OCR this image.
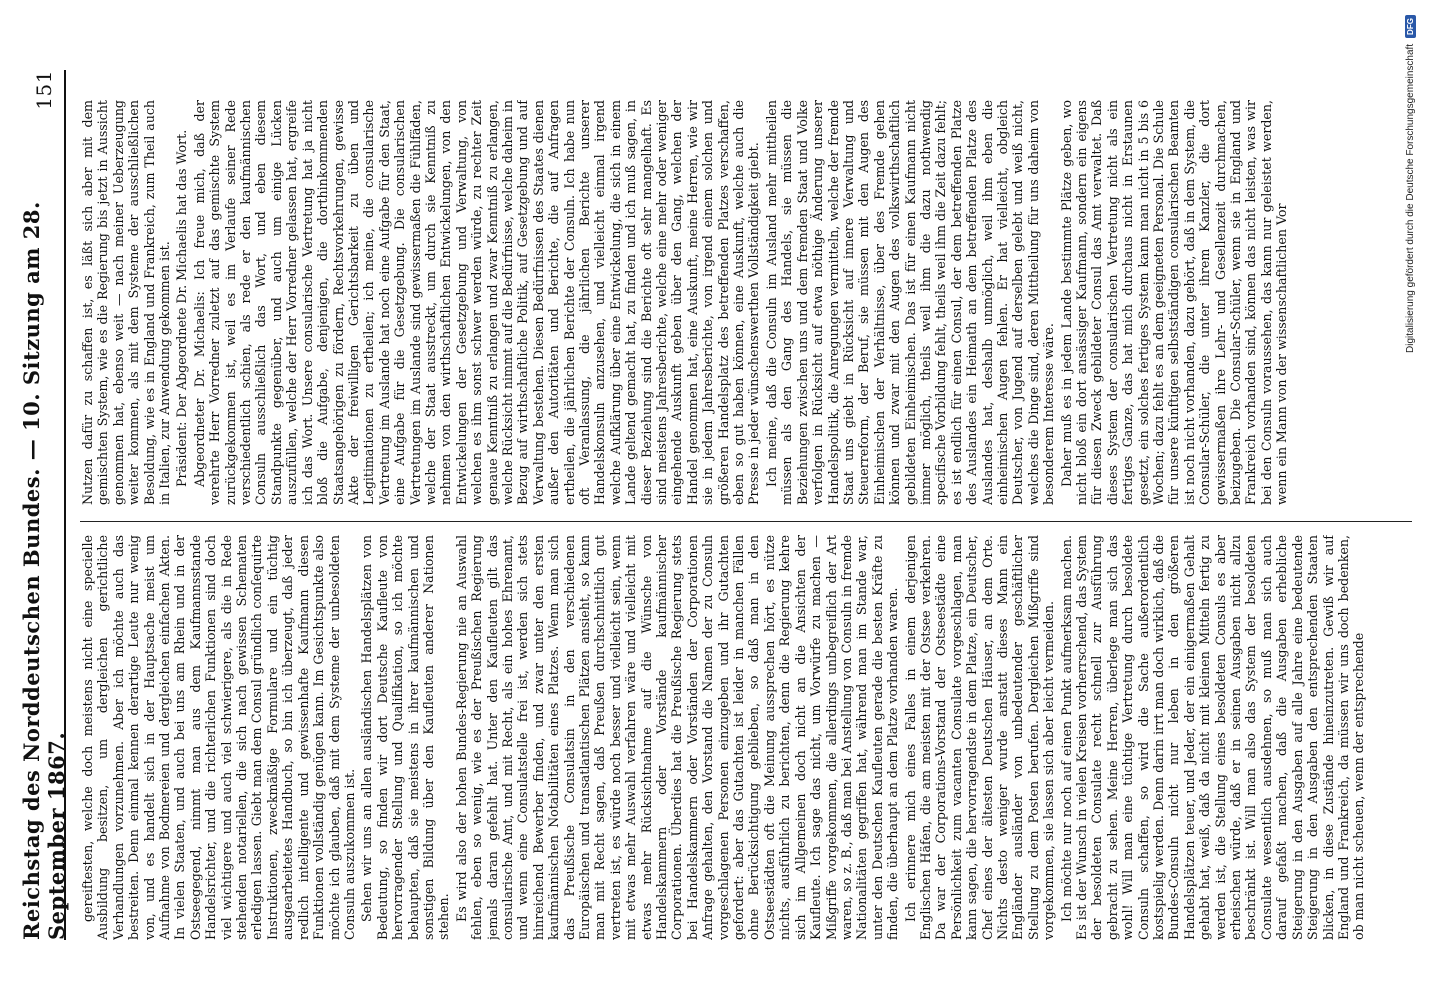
Reichstag des Norddeutschen Bundes. — 10. Sitzung am 28. September 1867.
151

gereiftesten, welche doch meistens nicht eine specielle Ausbildung besitzen, um dergleichen gerichtliche Verhandlungen vorzunehmen. Aber ich möchte auch das bestreiten. Denn einmal kennen derartige Leute nur wenig von, und es handelt sich in der Hauptsache meist um Aufnahme von Bodmereien und dergleichen einfachen Akten. In vielen Staaten, und auch bei uns am Rhein und in der Ostseegegend, nimmt man aus dem Kaufmannsstande Handelsrichter, und die richterlichen Funktionen sind doch viel wichtigere und auch viel schwierigere, als die in Rede stehenden notariellen, die sich nach gewissen Schematen erledigen lassen. Giebt man dem Consul gründlich conſequirte Instruktionen, zweckmäßige Formulare und ein tüchtig ausgearbeitetes Handbuch, so bin ich überzeugt, daß jeder redlich intelligente und gewissenhafte Kaufmann diesen Funktionen vollständig genügen kann. Im Gesichtspunkte also möchte ich glauben, daß mit dem Systeme der unbesoldeten Consuln auszukommen ist. Sehen wir uns an allen ausländischen Handelsplätzen von Bedeutung, so finden wir dort Deutsche Kaufleute von hervorragender Stellung und Qualifikation, so ich möchte behaupten, daß sie meistens in ihrer kaufmännischen und sonstigen Bildung über den Kaufleuten anderer Nationen stehen. Es wird also der hohen Bundes-Regierung nie an Auswahl fehlen, eben so wenig, wie es der Preußischen Regierung jemals daran gefehlt hat. Unter den Kaufleuten gilt das consularische Amt, und mit Recht, als ein hohes Ehrenamt, und wenn eine Consulatstelle frei ist, werden sich stets hinreichend Bewerber finden, und zwar unter den ersten kaufmännischen Notabilitäten eines Platzes. Wenn man sich das Preußische Consulatsin in den verschiedenen Europäischen und transatlantischen Plätzen ansieht, so kann man mit Recht sagen, daß Preußen durchschnittlich gut vertreten ist, es würde noch besser und vielleicht sein, wenn mit etwas mehr Auswahl verfahren wäre und vielleicht mit etwas mehr Rücksichtnahme auf die Wünsche von Handelskammern oder Vorstände kaufmännischer Corporationen. Überdies hat die Preußische Regierung stets bei Handelskammern oder Vorständen der Corporationen Anfrage gehalten, den Vorstand die Namen der zu Consuln vorgeschlagenen Personen einzugeben und ihr Gutachten gefordert: aber das Gutachten ist leider in manchen Fällen ohne Berücksichtigung geblieben, so daß man in den Ostseestädten oft die Meinung aussprechen hört, es nütze nichts, ausführlich zu berichten, denn die Regierung kehre sich im Allgemeinen doch nicht an die Ansichten der Kaufleute. Ich sage das nicht, um Vorwürfe zu machen — Mißgriffe vorgekommen, die allerdings unbegreiflich der Art waren, so z. B., daß man bei Anstellung von Consuln in fremde Nationalitäten gegriffen hat, während man im Stande war, unter den Deutschen Kaufleuten gerade die besten Kräfte zu finden, die überhaupt an dem Platze vorhanden waren. Ich erinnere mich eines Falles in einem derjenigen Englischen Häfen, die am meisten mit der Ostsee verkehren. Da war der Corporations-Vorstand der Ostseestädte eine Persönlichkeit zum vacanten Consulate vorgeschlagen, man kann sagen, die hervorragendste in dem Platze, ein Deutscher, Chef eines der ältesten Deutschen Häuser, an dem Orte. Nichts desto weniger wurde anstatt dieses Mann ein Engländer ausländer von unbedeutender geschäftlicher Stellung zu dem Posten berufen. Dergleichen Mißgriffe sind vorgekommen, sie lassen sich aber leicht vermeiden. Ich möchte nur noch auf einen Punkt aufmerksam machen. Es ist der Wunsch in vielen Kreisen vorherrschend, das System der besoldeten Consulate recht schnell zur Ausführung gebracht zu sehen. Meine Herren, überlege man sich das wohl! Will man eine tüchtige Vertretung durch besoldete Consuln schaffen, so wird die Sache außerordentlich kostspielig werden. Denn darin irrt man doch wirklich, daß die Bundes-Consuln nicht nur leben in den größeren Handelsplätzen teuer, und Jeder, der ein einigermaßen Gehalt gehabt hat, weiß, daß da nicht mit kleinen Mitteln fertig zu werden ist, die Stellung eines besoldeten Consuls es aber erheischen würde, daß er in seinen Ausgaben nicht allzu beschränkt ist. Will man also das System der besoldeten Consulate wesentlich ausdehnen, so muß man sich auch darauf gefaßt machen, daß die Ausgaben erhebliche Steigerung in den Ausgaben auf alle Jahre eine bedeutende Steigerung in den Ausgaben den entsprechenden Staaten blicken, in diese Zustände hineinzutreten. Gewiß wir auf England und Frankreich, da müssen wir uns doch bedenken, ob man nicht scheuen, wenn der entsprechende

Nutzen dafür zu schaffen ist, es läßt sich aber mit dem gemischten System, wie es die Regierung bis jetzt in Aussicht genommen hat, ebenso weit — nach meiner Ueberzeugung weiter kommen, als mit dem Systeme der ausschließlichen Besoldung, wie es in England und Frankreich, zum Theil auch in Italien, zur Anwendung gekommen ist. Präsident: Der Abgeordnete Dr. Michaelis hat das Wort. Abgeordneter Dr. Michaelis: Ich freue mich, daß der verehrte Herr Vorredner zuletzt auf das gemischte System zurückgekommen ist, weil es im Verlaufe seiner Rede verschiedentlich schien, als rede er den kaufmännischen Consuln ausschließlich das Wort, und eben diesem Standpunkte gegenüber, und auch um einige Lücken auszufüllen, welche der Herr Vorredner gelassen hat, ergreife ich das Wort. Unsere consularische Vertretung hat ja nicht bloß die Aufgabe, denjenigen, die dorthinkommenden Staatsangehörigen zu fördern, Rechtsvorkehrungen, gewisse Akte der freiwilligen Gerichtsbarkeit zu üben und Legitimationen zu ertheilen; ich meine, die consularische Vertretung im Auslande hat noch eine Aufgabe für den Staat, eine Aufgabe für die Gesetzgebung. Die consularischen Vertretungen im Auslande sind gewissermaßen die Fühlfäden, welche der Staat ausstreckt, um durch sie Kenntniß zu nehmen von den wirthschaftlichen Entwickelungen, von den Entwickelungen der Gesetzgebung und Verwaltung, von welchen es ihm sonst schwer werden würde, zu rechter Zeit genaue Kenntniß zu erlangen und zwar Kenntniß zu erlangen, welche Rücksicht nimmt auf die Bedürfnisse, welche daheim in Bezug auf wirthschaftliche Politik, auf Gesetzgebung und auf Verwaltung bestehen. Diesen Bedürfnissen des Staates dienen außer den Autoritäten und Berichte, die auf Anfragen ertheilen, die jährlichen Berichte der Consuln. Ich habe nun oft Veranlassung, die jährlichen Berichte unserer Handelskonsuln anzusehen, und vielleicht einmal irgend welche Aufklärung über eine Entwickelung, die sich in einem Lande geltend gemacht hat, zu finden und ich muß sagen, in dieser Beziehung sind die Berichte oft sehr mangelhaft. Es sind meistens Jahresberichte, welche eine mehr oder weniger eingehende Auskunft geben über den Gang, welchen der Handel genommen hat, eine Auskunft, meine Herren, wie wir sie in jedem Jahresberichte, von irgend einem solchen und größeren Handelsplatz des betreffenden Platzes verschaffen, eben so gut haben können, eine Auskunft, welche auch die Presse in jeder wünschenswerthen Vollständigkeit giebt. Ich meine, daß die Consuln im Ausland mehr mittheilen müssen als den Gang des Handels, sie müssen die Beziehungen zwischen uns und dem fremden Staat und Volke verfolgen in Rücksicht auf etwa nöthige Änderung unserer Handelspolitik, die Anregungen vermitteln, welche der fremde Staat uns giebt in Rücksicht auf innere Verwaltung und Steuerreform, der Beruf, sie müssen mit den Augen des Einheimischen der Verhältnisse, über des Fremde gehen können und zwar mit den Augen des volkswirthschaftlich gebildeten Einheimischen. Das ist für einen Kaufmann nicht immer möglich, theils weil ihm die dazu nothwendig specifische Vorbildung fehlt, theils weil ihm die Zeit dazu fehlt; es ist endlich für einen Consul, der dem betreffenden Platze des Auslandes ein Heimath an dem betreffenden Platze des Auslandes hat, deshalb unmöglich, weil ihm eben die einheimischen Augen fehlen. Er hat vielleicht, obgleich Deutscher, von Jugend auf derselben gelebt und weiß nicht, welches die Dinge sind, deren Mittheilung für uns daheim von besonderem Interesse wäre. Daher muß es in jedem Lande bestimmte Plätze geben, wo nicht bloß ein dort ansässiger Kaufmann, sondern ein eigens für diesen Zweck gebildeter Consul das Amt verwaltet. Daß dieses System der consularischen Vertretung nicht als ein fertiges Ganze, das hat mich durchaus nicht in Erstaunen gesetzt, ein solches fertiges System kann man nicht in 5 bis 6 Wochen; dazu fehlt es an dem geeigneten Personal. Die Schule für unsere künftigen selbstständigen consularischen Beamten ist noch nicht vorhanden, dazu gehört, daß in dem System, die Consular-Schüler, die unter ihrem Kanzler, die dort gewissermaßen ihre Lehr- und Gesellenzeit durchmachen, beizugeben. Die Consular-Schüler, wenn sie in England und Frankreich vorhanden sind, können das nicht leisten, was wir bei den Consuln voraussehen, das kann nur geleistet werden, wenn ein Mann von der wissenschaftlichen Vor

Digitalisierung gefördert durch die Deutsche Forschungsgemeinschaft
DFG
